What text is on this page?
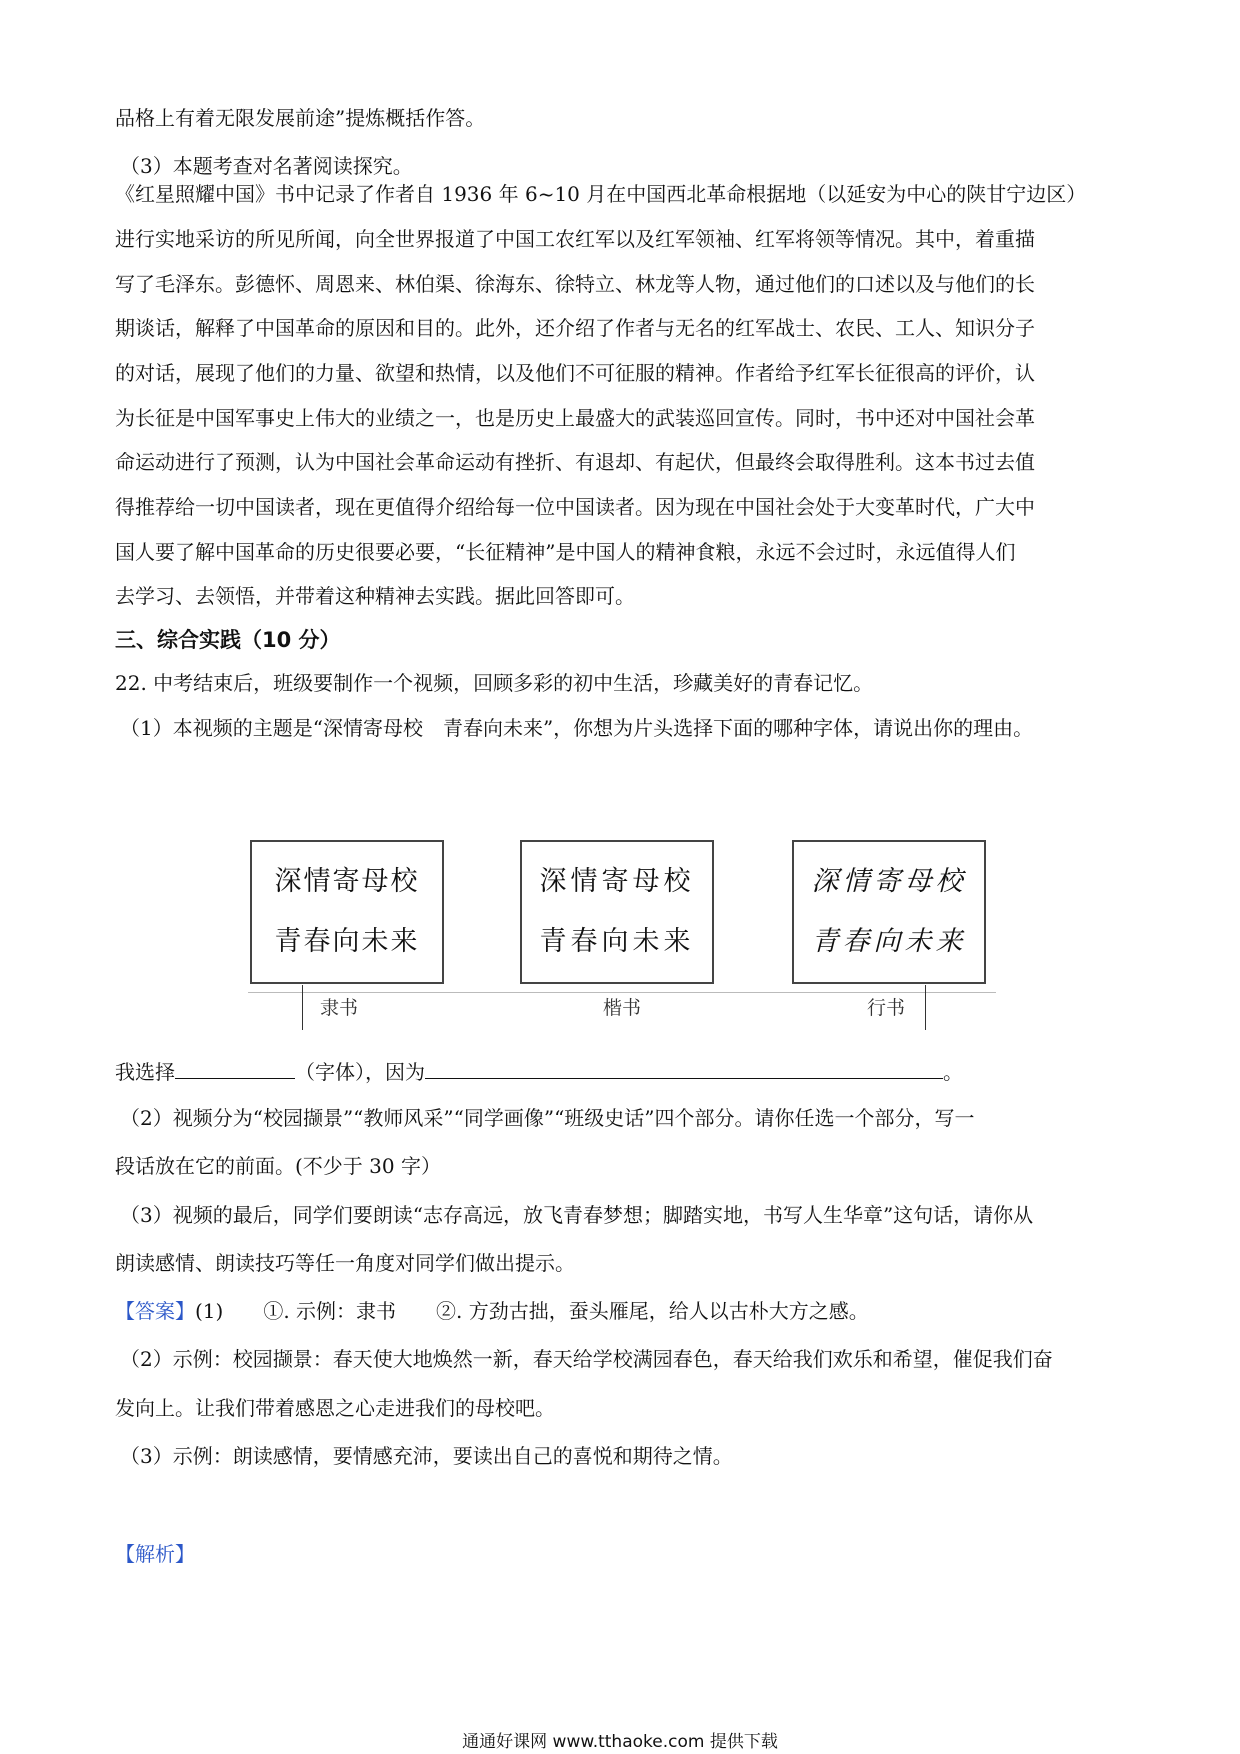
品格上有着无限发展前途”提炼概括作答。
（3）本题考查对名著阅读探究。
《红星照耀中国》书中记录了作者自 1936 年 6~10 月在中国西北革命根据地（以延安为中心的陕甘宁边区）
进行实地采访的所见所闻，向全世界报道了中国工农红军以及红军领袖、红军将领等情况。其中，着重描
写了毛泽东。彭德怀、周恩来、林伯渠、徐海东、徐特立、林龙等人物，通过他们的口述以及与他们的长
期谈话，解释了中国革命的原因和目的。此外，还介绍了作者与无名的红军战士、农民、工人、知识分子
的对话，展现了他们的力量、欲望和热情，以及他们不可征服的精神。作者给予红军长征很高的评价，认
为长征是中国军事史上伟大的业绩之一，也是历史上最盛大的武装巡回宣传。同时，书中还对中国社会革
命运动进行了预测，认为中国社会革命运动有挫折、有退却、有起伏，但最终会取得胜利。这本书过去值
得推荐给一切中国读者，现在更值得介绍给每一位中国读者。因为现在中国社会处于大变革时代，广大中
国人要了解中国革命的历史很要必要，“长征精神”是中国人的精神食粮，永远不会过时，永远值得人们
去学习、去领悟，并带着这种精神去实践。据此回答即可。
三、综合实践（10 分）
22. 中考结束后，班级要制作一个视频，回顾多彩的初中生活，珍藏美好的青春记忆。
（1）本视频的主题是“深情寄母校　青春向未来”，你想为片头选择下面的哪种字体，请说出你的理由。
深情寄母校
青春向未来
深情寄母校
青春向未来
深情寄母校
青春向未来
隶书	楷书	行书
我选择	（字体），因为	。
（2）视频分为“校园撷景”“教师风采”“同学画像”“班级史话”四个部分。请你任选一个部分，写一
段话放在它的前面。(不少于 30 字）
（3）视频的最后，同学们要朗读“志存高远，放飞青春梦想；脚踏实地，书写人生华章”这句话，请你从
朗读感情、朗读技巧等任一角度对同学们做出提示。
【答案】(1)　　①. 示例：隶书　　②. 方劲古拙，蚕头雁尾，给人以古朴大方之感。
（2）示例：校园撷景：春天使大地焕然一新，春天给学校满园春色，春天给我们欢乐和希望，催促我们奋
发向上。让我们带着感恩之心走进我们的母校吧。
（3）示例：朗读感情，要情感充沛，要读出自己的喜悦和期待之情。
【解析】
通通好课网 www.tthaoke.com 提供下载
